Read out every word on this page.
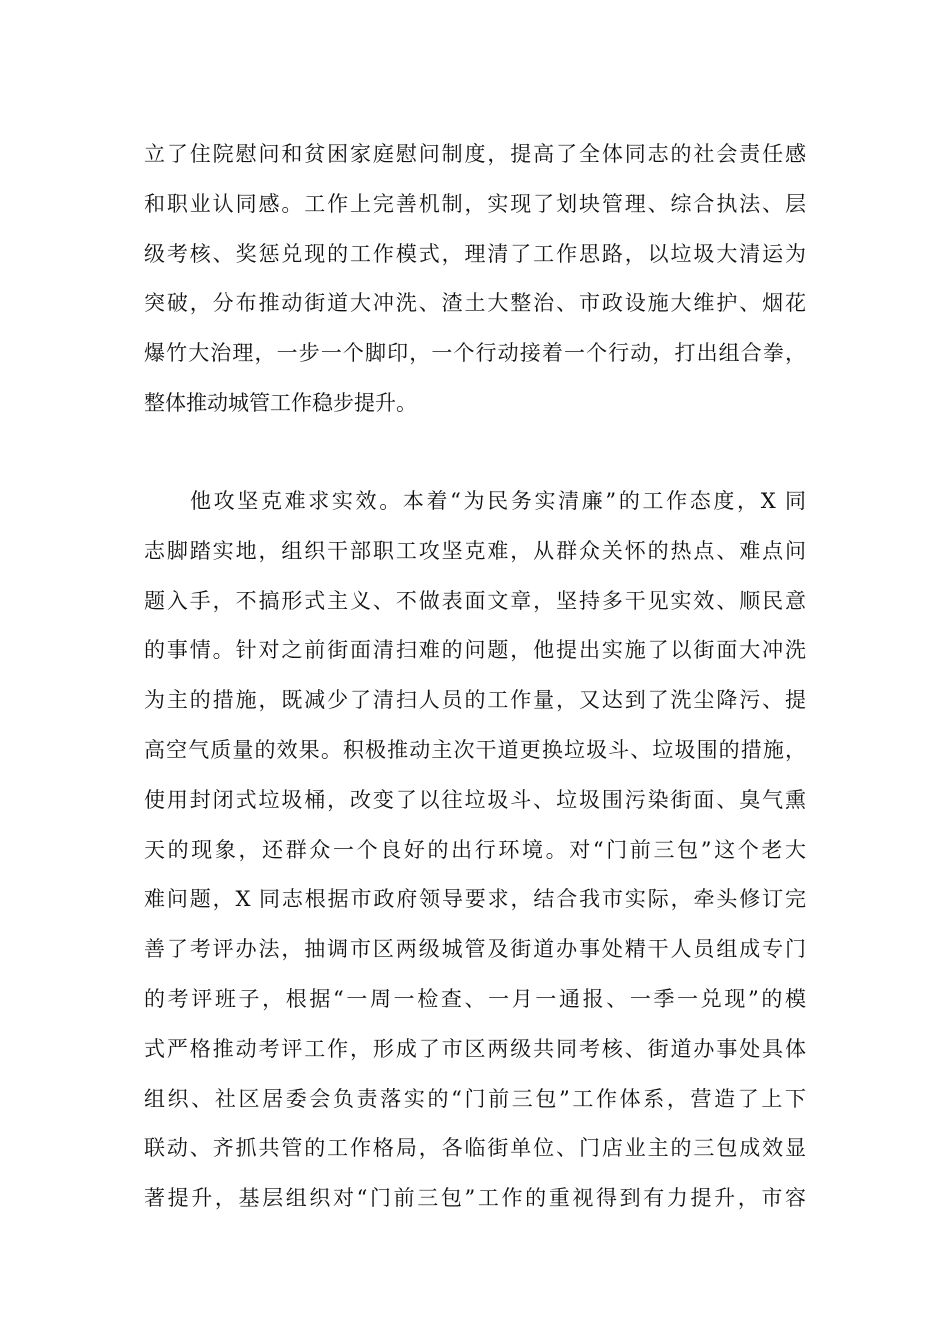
立了住院慰问和贫困家庭慰问制度，提高了全体同志的社会责任感
和职业认同感。工作上完善机制，实现了划块管理、综合执法、层
级考核、奖惩兑现的工作模式，理清了工作思路，以垃圾大清运为
突破，分布推动街道大冲洗、渣土大整治、市政设施大维护、烟花
爆竹大治理，一步一个脚印，一个行动接着一个行动，打出组合拳，
整体推动城管工作稳步提升。
他攻坚克难求实效。本着“为民务实清廉”的工作态度，X 同
志脚踏实地，组织干部职工攻坚克难，从群众关怀的热点、难点问
题入手，不搞形式主义、不做表面文章，坚持多干见实效、顺民意
的事情。针对之前街面清扫难的问题，他提出实施了以街面大冲洗
为主的措施，既减少了清扫人员的工作量，又达到了洗尘降污、提
高空气质量的效果。积极推动主次干道更换垃圾斗、垃圾围的措施，
使用封闭式垃圾桶，改变了以往垃圾斗、垃圾围污染街面、臭气熏
天的现象，还群众一个良好的出行环境。对“门前三包”这个老大
难问题，X 同志根据市政府领导要求，结合我市实际，牵头修订完
善了考评办法，抽调市区两级城管及街道办事处精干人员组成专门
的考评班子，根据“一周一检查、一月一通报、一季一兑现”的模
式严格推动考评工作，形成了市区两级共同考核、街道办事处具体
组织、社区居委会负责落实的“门前三包”工作体系，营造了上下
联动、齐抓共管的工作格局，各临街单位、门店业主的三包成效显
著提升，基层组织对“门前三包”工作的重视得到有力提升，市容
